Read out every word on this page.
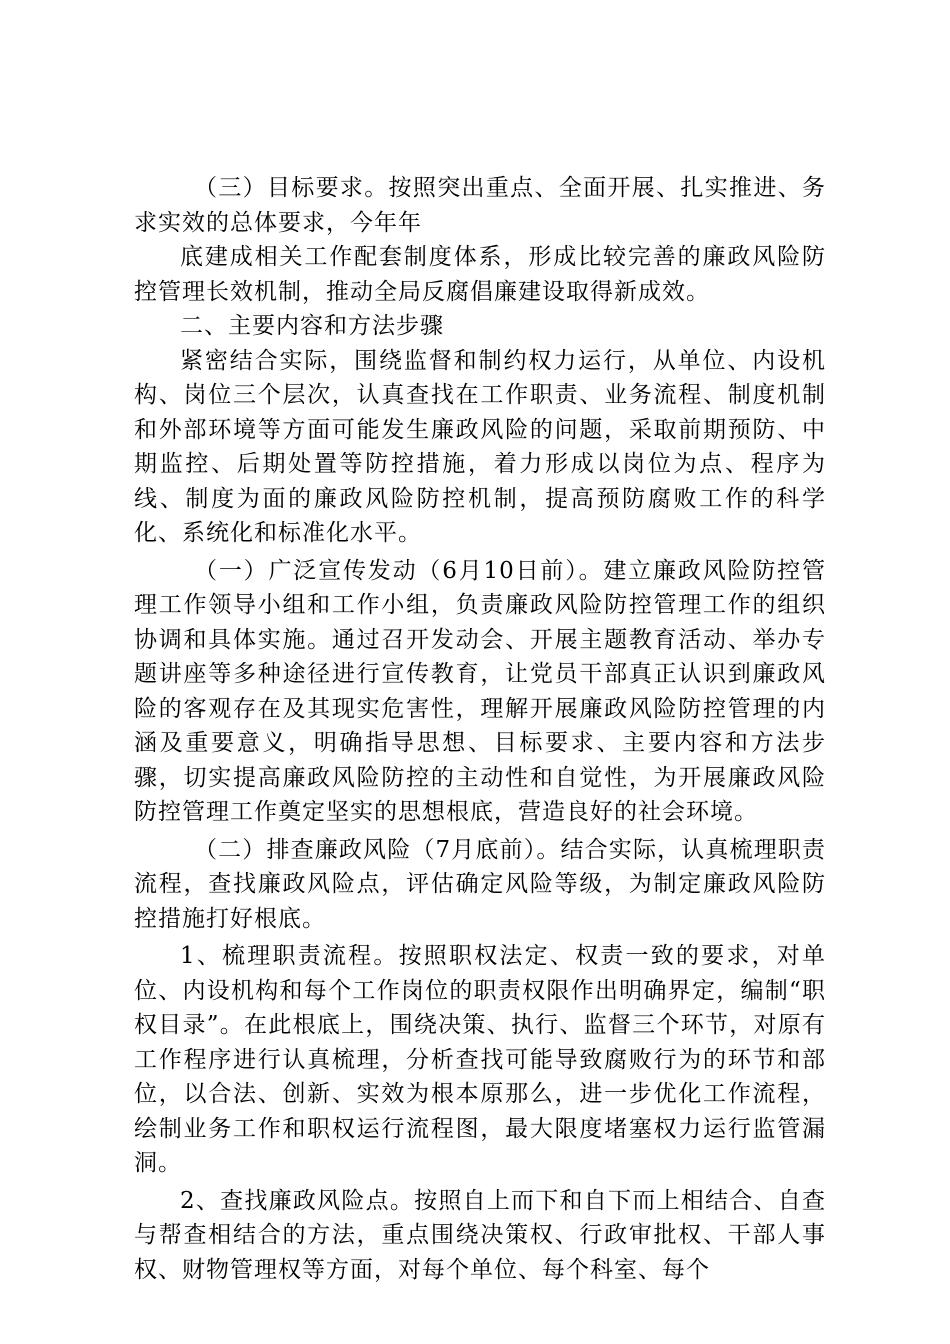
（三）目标要求。按照突出重点、全面开展、扎实推进、务求实效的总体要求，今年年

底建成相关工作配套制度体系，形成比较完善的廉政风险防控管理长效机制，推动全局反腐倡廉建设取得新成效。

二、主要内容和方法步骤

紧密结合实际，围绕监督和制约权力运行，从单位、内设机构、岗位三个层次，认真查找在工作职责、业务流程、制度机制和外部环境等方面可能发生廉政风险的问题，采取前期预防、中期监控、后期处置等防控措施，着力形成以岗位为点、程序为线、制度为面的廉政风险防控机制，提高预防腐败工作的科学化、系统化和标准化水平。

（一）广泛宣传发动（6月10日前）。建立廉政风险防控管理工作领导小组和工作小组，负责廉政风险防控管理工作的组织协调和具体实施。通过召开发动会、开展主题教育活动、举办专题讲座等多种途径进行宣传教育，让党员干部真正认识到廉政风险的客观存在及其现实危害性，理解开展廉政风险防控管理的内涵及重要意义，明确指导思想、目标要求、主要内容和方法步骤，切实提高廉政风险防控的主动性和自觉性，为开展廉政风险防控管理工作奠定坚实的思想根底，营造良好的社会环境。

（二）排查廉政风险（7月底前）。结合实际，认真梳理职责流程，查找廉政风险点，评估确定风险等级，为制定廉政风险防控措施打好根底。

1、梳理职责流程。按照职权法定、权责一致的要求，对单位、内设机构和每个工作岗位的职责权限作出明确界定，编制“职权目录”。在此根底上，围绕决策、执行、监督三个环节，对原有工作程序进行认真梳理，分析查找可能导致腐败行为的环节和部位，以合法、创新、实效为根本原那么，进一步优化工作流程，绘制业务工作和职权运行流程图，最大限度堵塞权力运行监管漏洞。

2、查找廉政风险点。按照自上而下和自下而上相结合、自查与帮查相结合的方法，重点围绕决策权、行政审批权、干部人事权、财物管理权等方面，对每个单位、每个科室、每个
